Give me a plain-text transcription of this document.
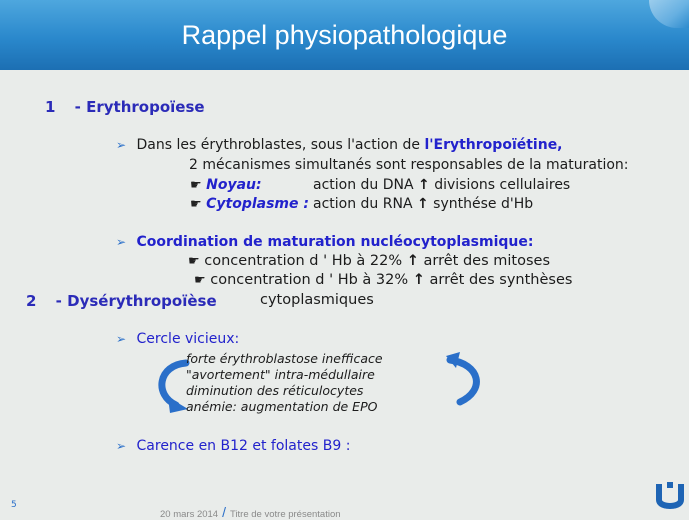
Rappel physiopathologique
1 - Erythropoïese
➢ Dans les érythroblastes, sous l'action de l'Erythropoïétine,
2 mécanismes simultanés sont responsables de la maturation:
☛ Noyau:	action du DNA ↑ divisions cellulaires
☛ Cytoplasme : action du RNA ↑ synthése d'Hb
➢ Coordination de maturation nucléocytoplasmique:
☛ concentration d ' Hb à 22% ↑ arrêt des mitoses
☛ concentration d ' Hb à 32% ↑ arrêt des synthèses
2 - Dysérythropoïèse	cytoplasmiques
➢ Cercle vicieux:
forte érythroblastose inefficace
"avortement" intra-médullaire
diminution des réticulocytes
anémie: augmentation de EPO
➢ Carence en B12 et folates B9 :
5
20 mars 2014 / Titre de votre présentation
